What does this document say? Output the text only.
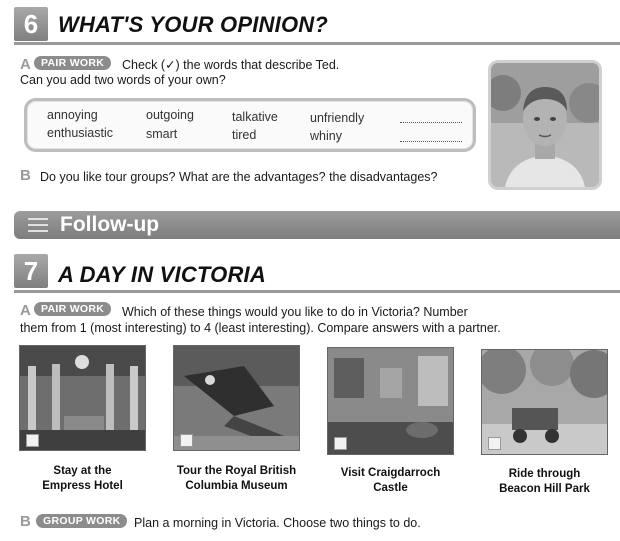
6 WHAT'S YOUR OPINION?
A PAIR WORK	Check (✓) the words that describe Ted.
Can you add two words of your own?
annoying	outgoing	talkative	unfriendly
enthusiastic	smart	tired	whiny
B Do you like tour groups? What are the advantages? the disadvantages?
Follow-up
7 A DAY IN VICTORIA
A PAIR WORK	Which of these things would you like to do in Victoria? Number
them from 1 (most interesting) to 4 (least interesting). Compare answers with a partner.
Stay at the
Empress Hotel
Tour the Royal British
Columbia Museum
Visit Craigdarroch
Castle
Ride through
Beacon Hill Park
B	GROUP WORK	Plan a morning in Victoria. Choose two things to do.
